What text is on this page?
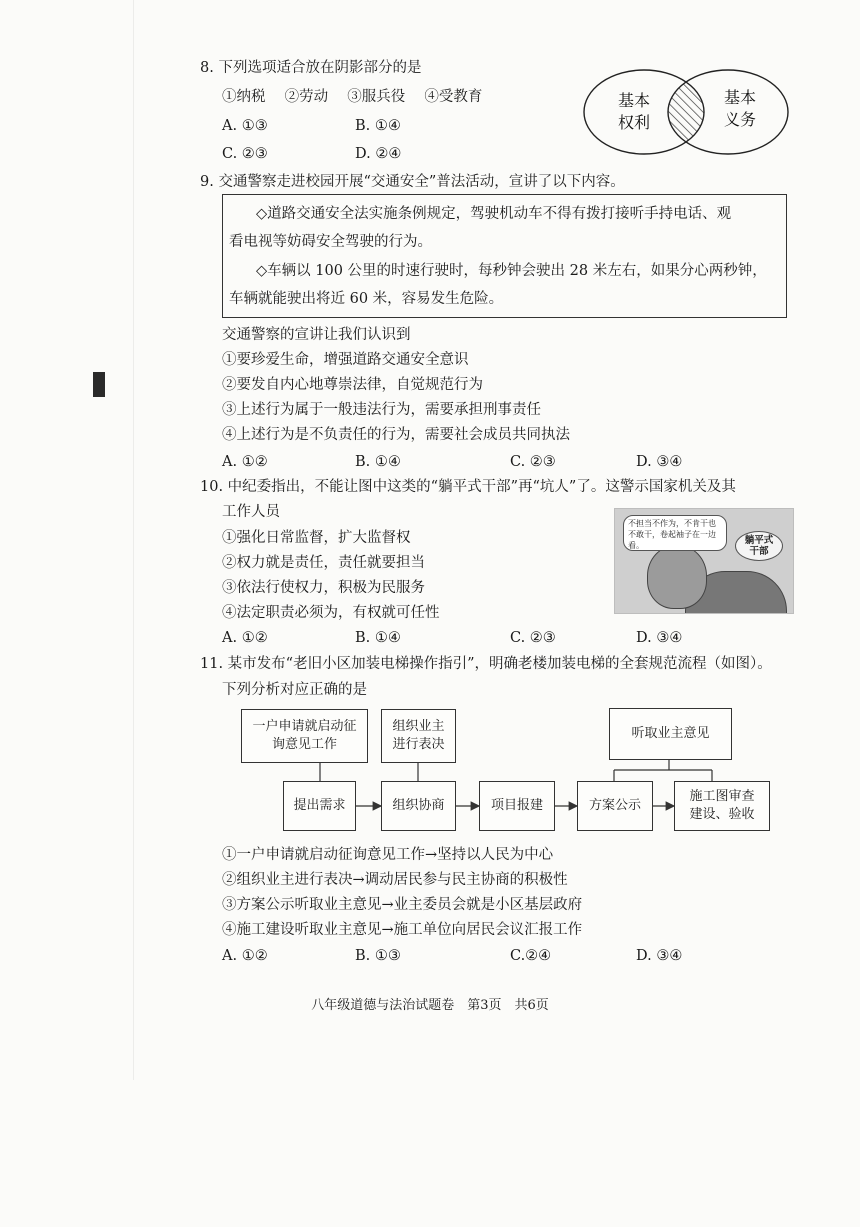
8. 下列选项适合放在阴影部分的是
①纳税　 ②劳动　 ③服兵役　 ④受教育
A. ①③	B. ①④
C. ②③	D. ②④
基本
权利
基本
义务
9. 交通警察走进校园开展“交通安全”普法活动，宣讲了以下内容。
◇道路交通安全法实施条例规定，驾驶机动车不得有拨打接听手持电话、观
看电视等妨碍安全驾驶的行为。
◇车辆以 100 公里的时速行驶时，每秒钟会驶出 28 米左右，如果分心两秒钟，
车辆就能驶出将近 60 米，容易发生危险。
交通警察的宣讲让我们认识到
①要珍爱生命，增强道路交通安全意识
②要发自内心地尊崇法律，自觉规范行为
③上述行为属于一般违法行为，需要承担刑事责任
④上述行为是不负责任的行为，需要社会成员共同执法
A. ①②	B. ①④	C. ②③	D. ③④
10. 中纪委指出，不能让图中这类的“躺平式干部”再“坑人”了。这警示国家机关及其
工作人员
①强化日常监督，扩大监督权
②权力就是责任，责任就要担当
③依法行使权力，积极为民服务
④法定职责必须为，有权就可任性
A. ①②	B. ①④	C. ②③	D. ③④
不担当不作为，不肯干也不敢干，卷起袖子在一边看。	躺平式
干部
11. 某市发布“老旧小区加装电梯操作指引”，明确老楼加装电梯的全套规范流程（如图）。
下列分析对应正确的是
一户申请就启动征
询意见工作
组织业主
进行表决
听取业主意见
提出需求	组织协商	项目报建	方案公示
施工图审查
建设、验收
①一户申请就启动征询意见工作→坚持以人民为中心
②组织业主进行表决→调动居民参与民主协商的积极性
③方案公示听取业主意见→业主委员会就是小区基层政府
④施工建设听取业主意见→施工单位向居民会议汇报工作
A. ①②	B. ①③	C.②④	D. ③④
八年级道德与法治试题卷　第3页　共6页
